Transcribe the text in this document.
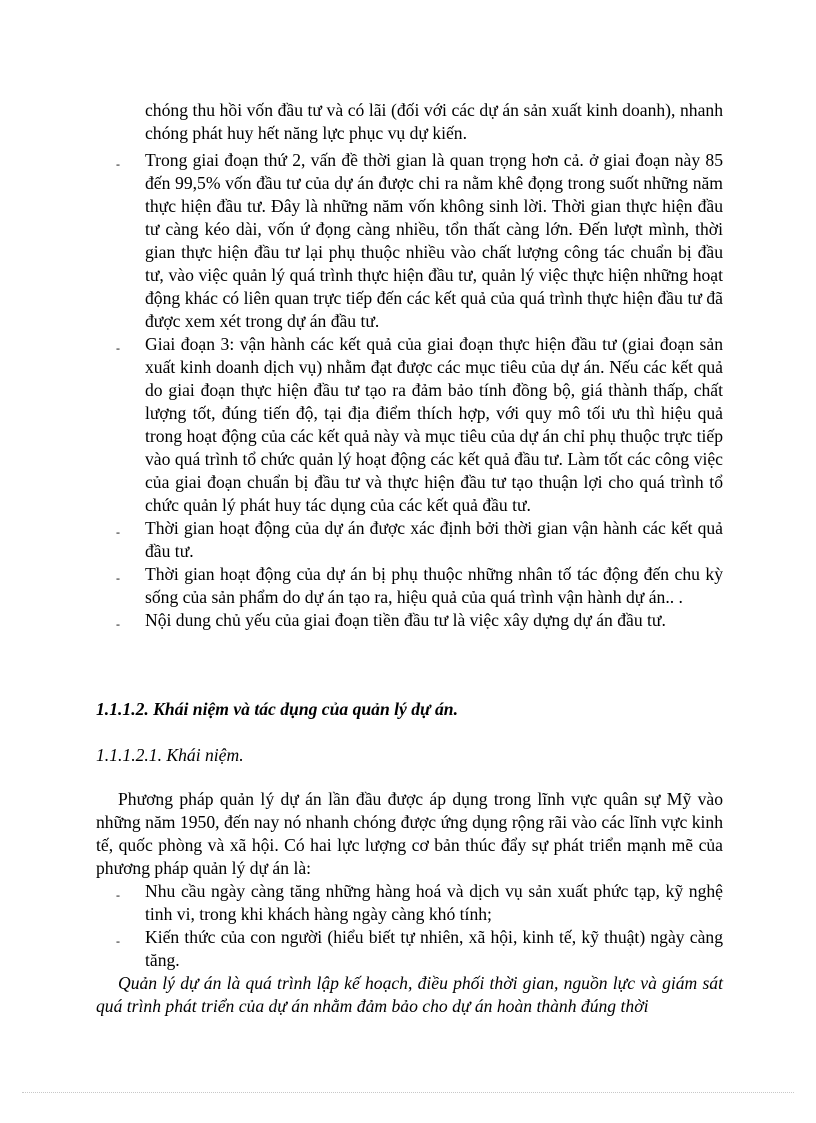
chóng thu hồi vốn đầu tư và có lãi (đối với các dự án sản xuất kinh doanh), nhanh chóng phát huy hết năng lực phục vụ dự kiến.
-	Trong giai đoạn thứ 2, vấn đề thời gian là quan trọng hơn cả. ở giai đoạn này 85 đến 99,5% vốn đầu tư của dự án được chi ra nằm khê đọng trong suốt những năm thực hiện đầu tư. Đây là những năm vốn không sinh lời. Thời gian thực hiện đầu tư càng kéo dài, vốn ứ đọng càng nhiều, tổn thất càng lớn. Đến lượt mình, thời gian thực hiện đầu tư lại phụ thuộc nhiều vào chất lượng công tác chuẩn bị đầu tư, vào việc quản lý quá trình thực hiện đầu tư, quản lý việc thực hiện những hoạt động khác có liên quan trực tiếp đến các kết quả của quá trình thực hiện đầu tư đã được xem xét trong dự án đầu tư.
-	Giai đoạn 3: vận hành các kết quả của giai đoạn thực hiện đầu tư (giai đoạn sản xuất kinh doanh dịch vụ) nhằm đạt được các mục tiêu của dự án. Nếu các kết quả do giai đoạn thực hiện đầu tư tạo ra đảm bảo tính đồng bộ, giá thành thấp, chất lượng tốt, đúng tiến độ, tại địa điểm thích hợp, với quy mô tối ưu thì hiệu quả trong hoạt động của các kết quả này và mục tiêu của dự án chỉ phụ thuộc trực tiếp vào quá trình tổ chức quản lý hoạt động các kết quả đầu tư. Làm tốt các công việc của giai đoạn chuẩn bị đầu tư và thực hiện đầu tư tạo thuận lợi cho quá trình tổ chức quản lý phát huy tác dụng của các kết quả đầu tư.
-	Thời gian hoạt động của dự án được xác định bởi thời gian vận hành các kết quả đầu tư.
-	Thời gian hoạt động của dự án bị phụ thuộc những nhân tố tác động đến chu kỳ sống của sản phẩm do dự án tạo ra, hiệu quả của quá trình vận hành dự án.. .
-	Nội dung chủ yếu của giai đoạn tiền đầu tư là việc xây dựng dự án đầu tư.
1.1.1.2. Khái niệm và tác dụng của quản lý dự án.
1.1.1.2.1. Khái niệm.
Phương pháp quản lý dự án lần đầu được áp dụng trong lĩnh vực quân sự Mỹ vào những năm 1950, đến nay nó nhanh chóng được ứng dụng rộng rãi vào các lĩnh vực kinh tế, quốc phòng và xã hội. Có hai lực lượng cơ bản thúc đẩy sự phát triển mạnh mẽ của phương pháp quản lý dự án là:
-	Nhu cầu ngày càng tăng những hàng hoá và dịch vụ sản xuất phức tạp, kỹ nghệ tinh vi, trong khi khách hàng ngày càng khó tính;
-	Kiến thức của con người (hiểu biết tự nhiên, xã hội, kinh tế, kỹ thuật) ngày càng tăng.
Quản lý dự án là quá trình lập kế hoạch, điều phối thời gian, nguồn lực và giám sát quá trình phát triển của dự án nhằm đảm bảo cho dự án hoàn thành đúng thời
